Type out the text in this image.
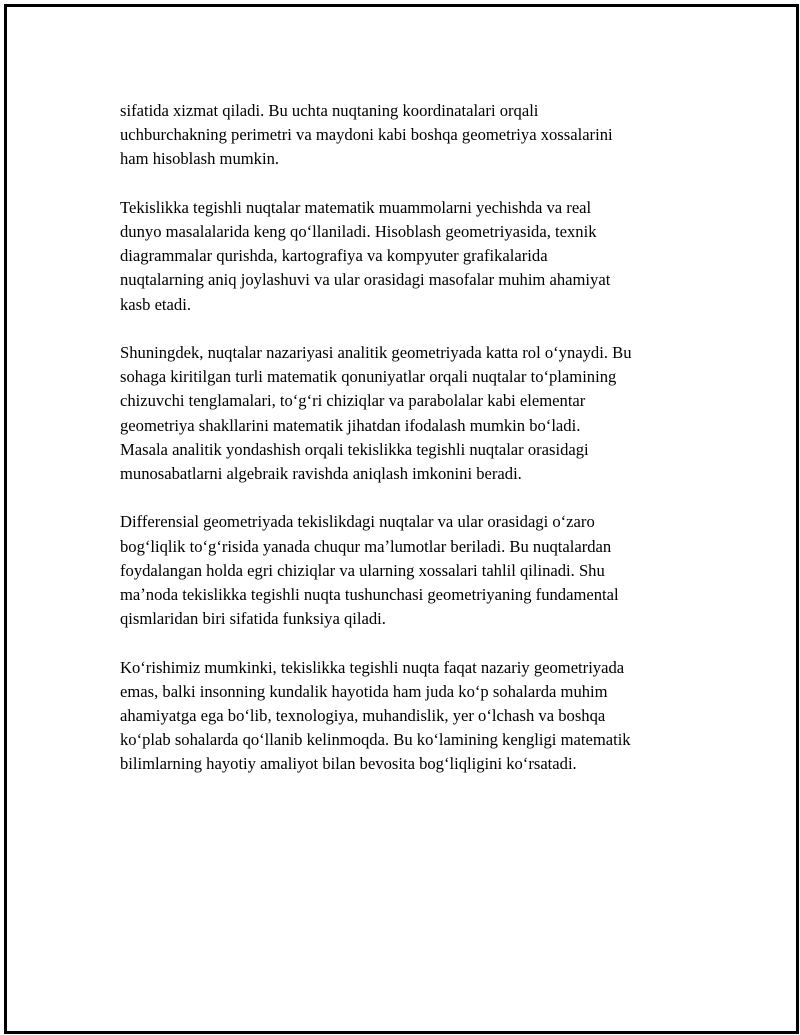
sifatida xizmat qiladi. Bu uchta nuqtaning koordinatalari orqali
uchburchakning perimetri va maydoni kabi boshqa geometriya xossalarini
ham hisoblash mumkin.

Tekislikka tegishli nuqtalar matematik muammolarni yechishda va real
dunyo masalalarida keng qoʻllaniladi. Hisoblash geometriyasida, texnik
diagrammalar qurishda, kartografiya va kompyuter grafikalarida
nuqtalarning aniq joylashuvi va ular orasidagi masofalar muhim ahamiyat
kasb etadi.

Shuningdek, nuqtalar nazariyasi analitik geometriyada katta rol oʻynaydi. Bu
sohaga kiritilgan turli matematik qonuniyatlar orqali nuqtalar toʻplamining
chizuvchi tenglamalari, toʻgʻri chiziqlar va parabolalar kabi elementar
geometriya shakllarini matematik jihatdan ifodalash mumkin boʻladi.
Masala analitik yondashish orqali tekislikka tegishli nuqtalar orasidagi
munosabatlarni algebraik ravishda aniqlash imkonini beradi.

Differensial geometriyada tekislikdagi nuqtalar va ular orasidagi oʻzaro
bogʻliqlik toʻgʻrisida yanada chuqur maʼlumotlar beriladi. Bu nuqtalardan
foydalangan holda egri chiziqlar va ularning xossalari tahlil qilinadi. Shu
maʼnoda tekislikka tegishli nuqta tushunchasi geometriyaning fundamental
qismlaridan biri sifatida funksiya qiladi.

Koʻrishimiz mumkinki, tekislikka tegishli nuqta faqat nazariy geometriyada
emas, balki insonning kundalik hayotida ham juda koʻp sohalarda muhim
ahamiyatga ega boʻlib, texnologiya, muhandislik, yer oʻlchash va boshqa
koʻplab sohalarda qoʻllanib kelinmoqda. Bu koʻlamining kengligi matematik
bilimlarning hayotiy amaliyot bilan bevosita bogʻliqligini koʻrsatadi.
